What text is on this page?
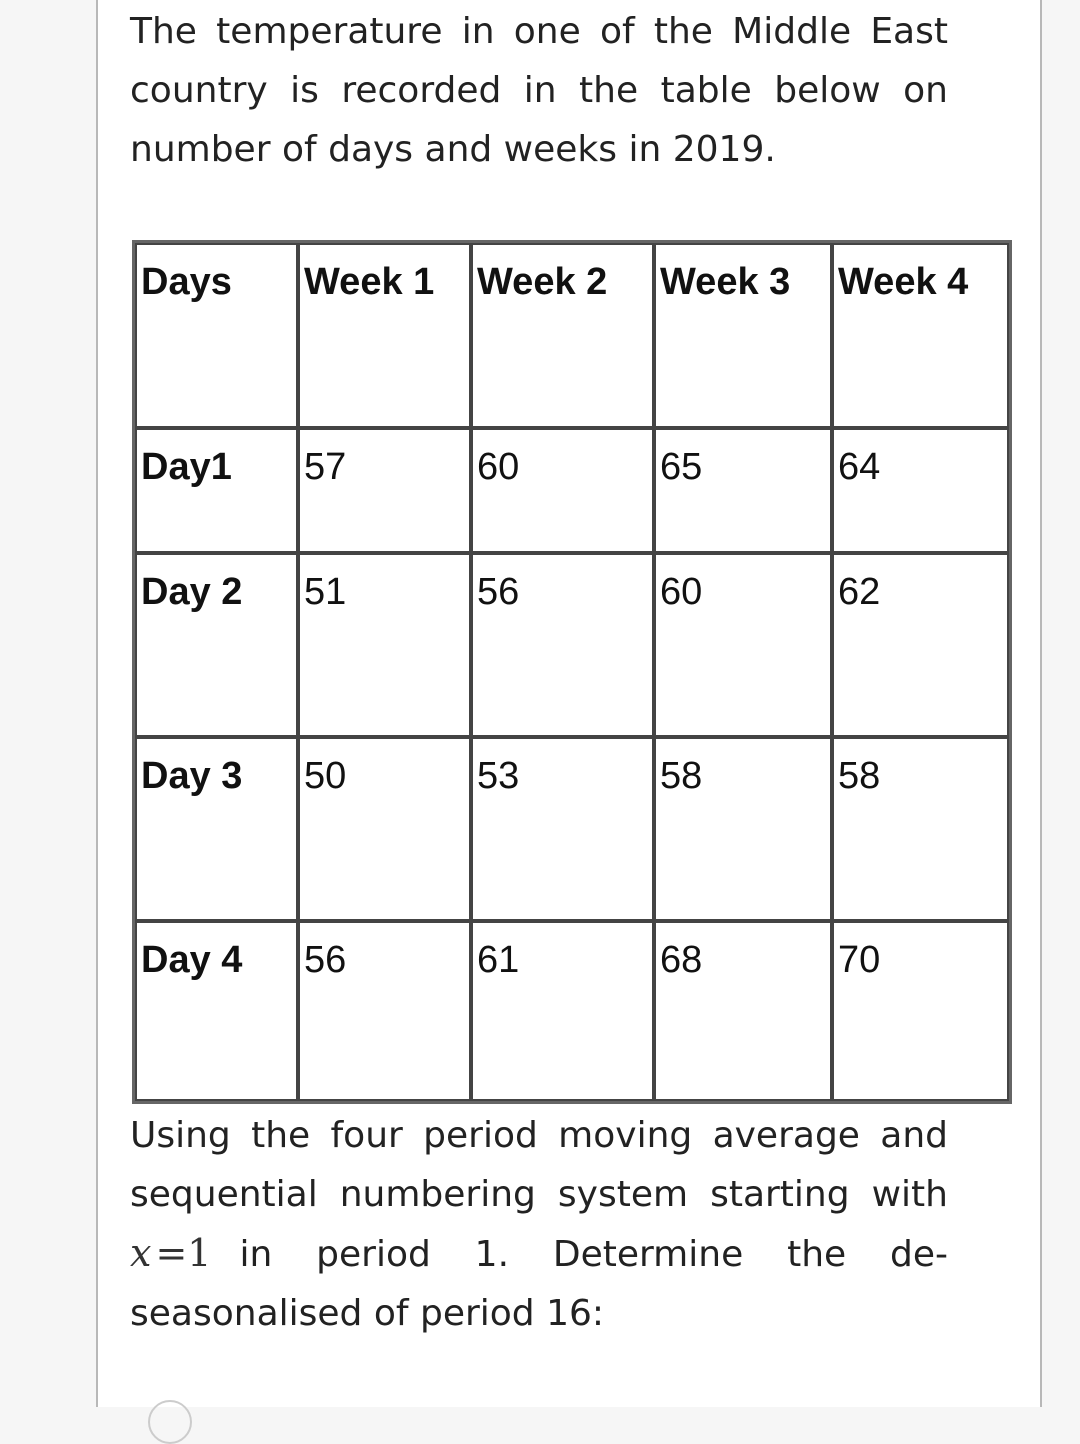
The temperature in one of the Middle East country is recorded in the table below on number of days and weeks in 2019.

Days	Week 1	Week 2	Week 3	Week 4
Day1	57	60	65	64
Day 2	51	56	60	62
Day 3	50	53	58	58
Day 4	56	61	68	70

Using the four period moving average and sequential numbering system starting with x =1 in period 1. Determine the de-seasonalised of period 16:
